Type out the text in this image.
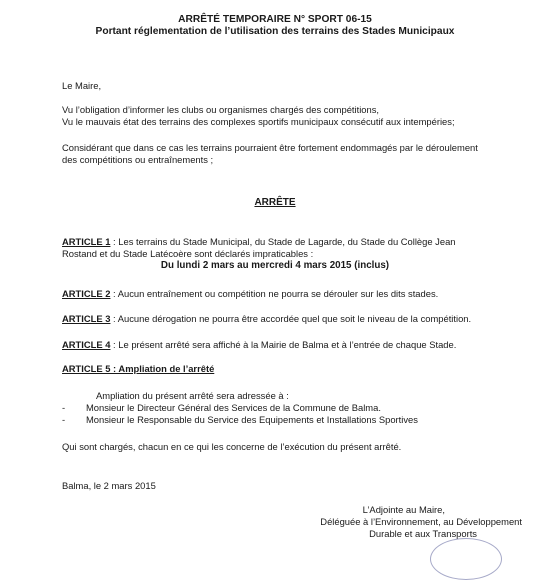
ARRÊTÉ TEMPORAIRE N° SPORT 06-15
Portant réglementation de l’utilisation des terrains des Stades Municipaux
Le Maire,
Vu l’obligation d’informer les clubs ou organismes chargés des compétitions,
Vu le mauvais état des terrains des complexes sportifs municipaux consécutif aux intempéries;
Considérant que dans ce cas les terrains pourraient être fortement endommagés par le déroulement
des compétitions ou entraînements ;
ARRÊTE
ARTICLE 1 : Les terrains du Stade Municipal, du Stade de Lagarde, du Stade du Collège Jean
Rostand et du Stade Latécoère sont déclarés impraticables :
Du lundi 2 mars au mercredi 4 mars 2015 (inclus)
ARTICLE 2 : Aucun entraînement ou compétition ne pourra se dérouler sur les dits stades.
ARTICLE 3 : Aucune dérogation ne pourra être accordée quel que soit le niveau de la compétition.
ARTICLE 4 : Le présent arrêté sera affiché à la Mairie de Balma et à l’entrée de chaque Stade.
ARTICLE 5 : Ampliation de l’arrêté
Ampliation du présent arrêté sera adressée à :
- Monsieur le Directeur Général des Services de la Commune de Balma.
- Monsieur le Responsable du Service des Equipements et Installations Sportives
Qui sont chargés, chacun en ce qui les concerne de l’exécution du présent arrêté.
Balma, le 2 mars 2015
L’Adjointe au Maire,
Déléguée à l’Environnement, au Développement
Durable et aux Transports
